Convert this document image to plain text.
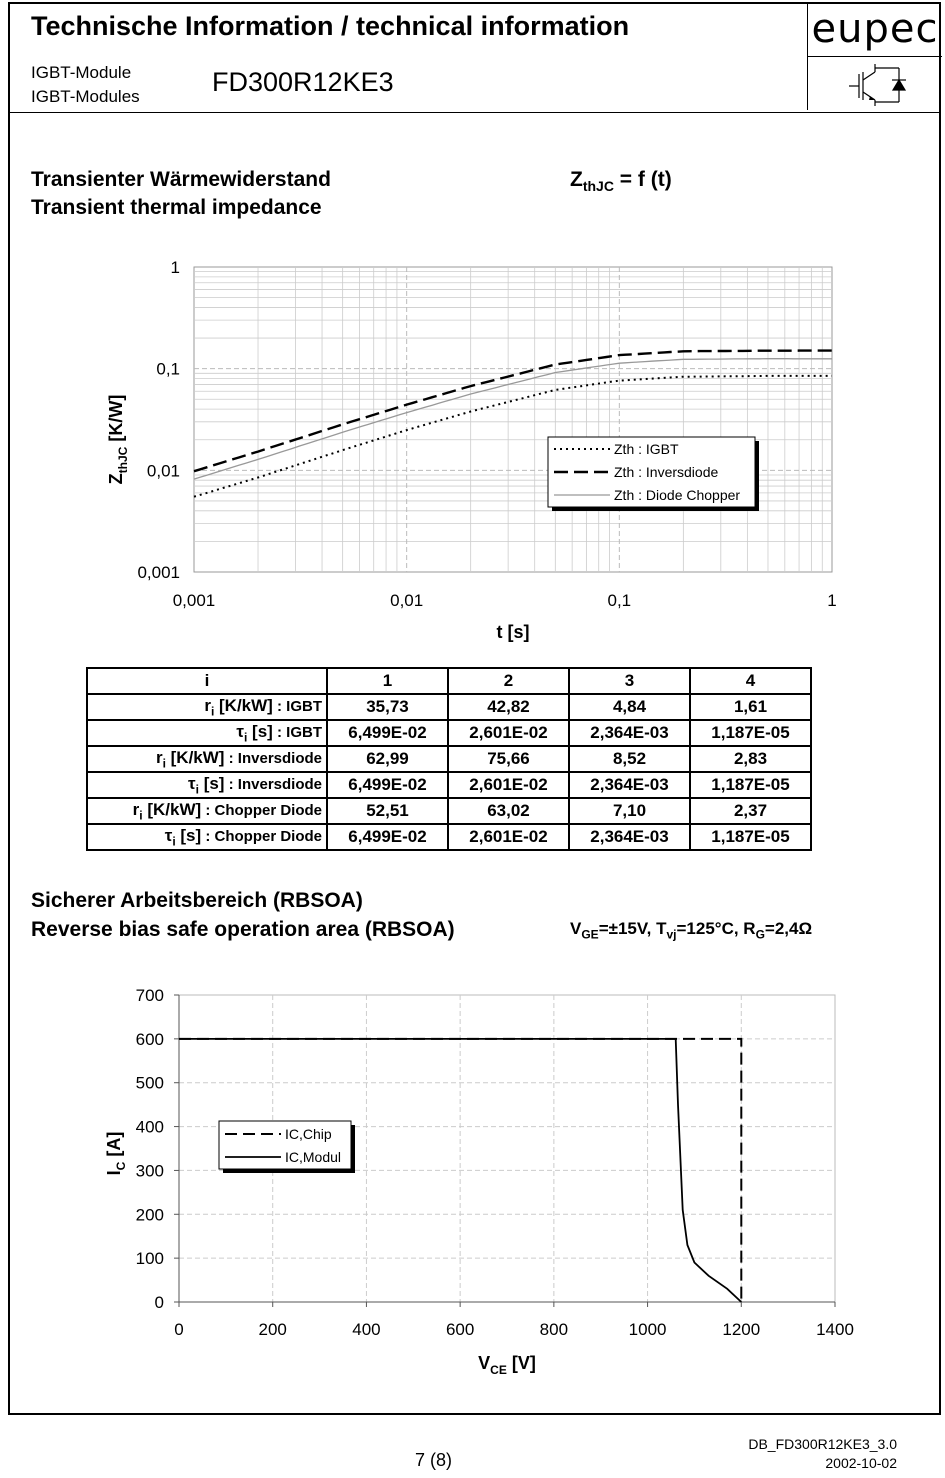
eupec
Technische Information / technical information
IGBT-Module
IGBT-Modules	FD300R12KE3
Transienter Wärmewiderstand
Transient thermal impedance
$Z_{thJC} = f$ (t)
0,001	0,01	0,1	1
0,001
0,01
0,1
1
t [s]
$Z_{thJC}$ [K/W]
Zth : IGBT
Zth : Inversdiode
Zth : Diode Chopper
i	1	2	3	4
$r_i$ [K/kW] : IGBT	35,73	42,82	4,84	1,61
$\tau_i$ [s] : IGBT	6,499E-02	2,601E-02	2,364E-03	1,187E-05
$r_i$ [K/kW] : Inversdiode	62,99	75,66	8,52	2,83
$\tau_i$ [s] : Inversdiode	6,499E-02	2,601E-02	2,364E-03	1,187E-05
$r_i$ [K/kW] : Chopper Diode	52,51	63,02	7,10	2,37
$\tau_i$ [s] : Chopper Diode	6,499E-02	2,601E-02	2,364E-03	1,187E-05
Sicherer Arbeitsbereich (RBSOA)
Reverse bias safe operation area (RBSOA)	$V_{GE}=\pm 15V$, $T_{vj}=125^\circ C$, $R_G=2,4\Omega$
0	200	400	600	800	1000	1200	1400
0
100
200
300
400
500
600
700
$V_{CE}$ [V]
$I_C$ [A]	IC,Chip
IC,Modul
7 (8)
DB_FD300R12KE3_3.0
2002-10-02
